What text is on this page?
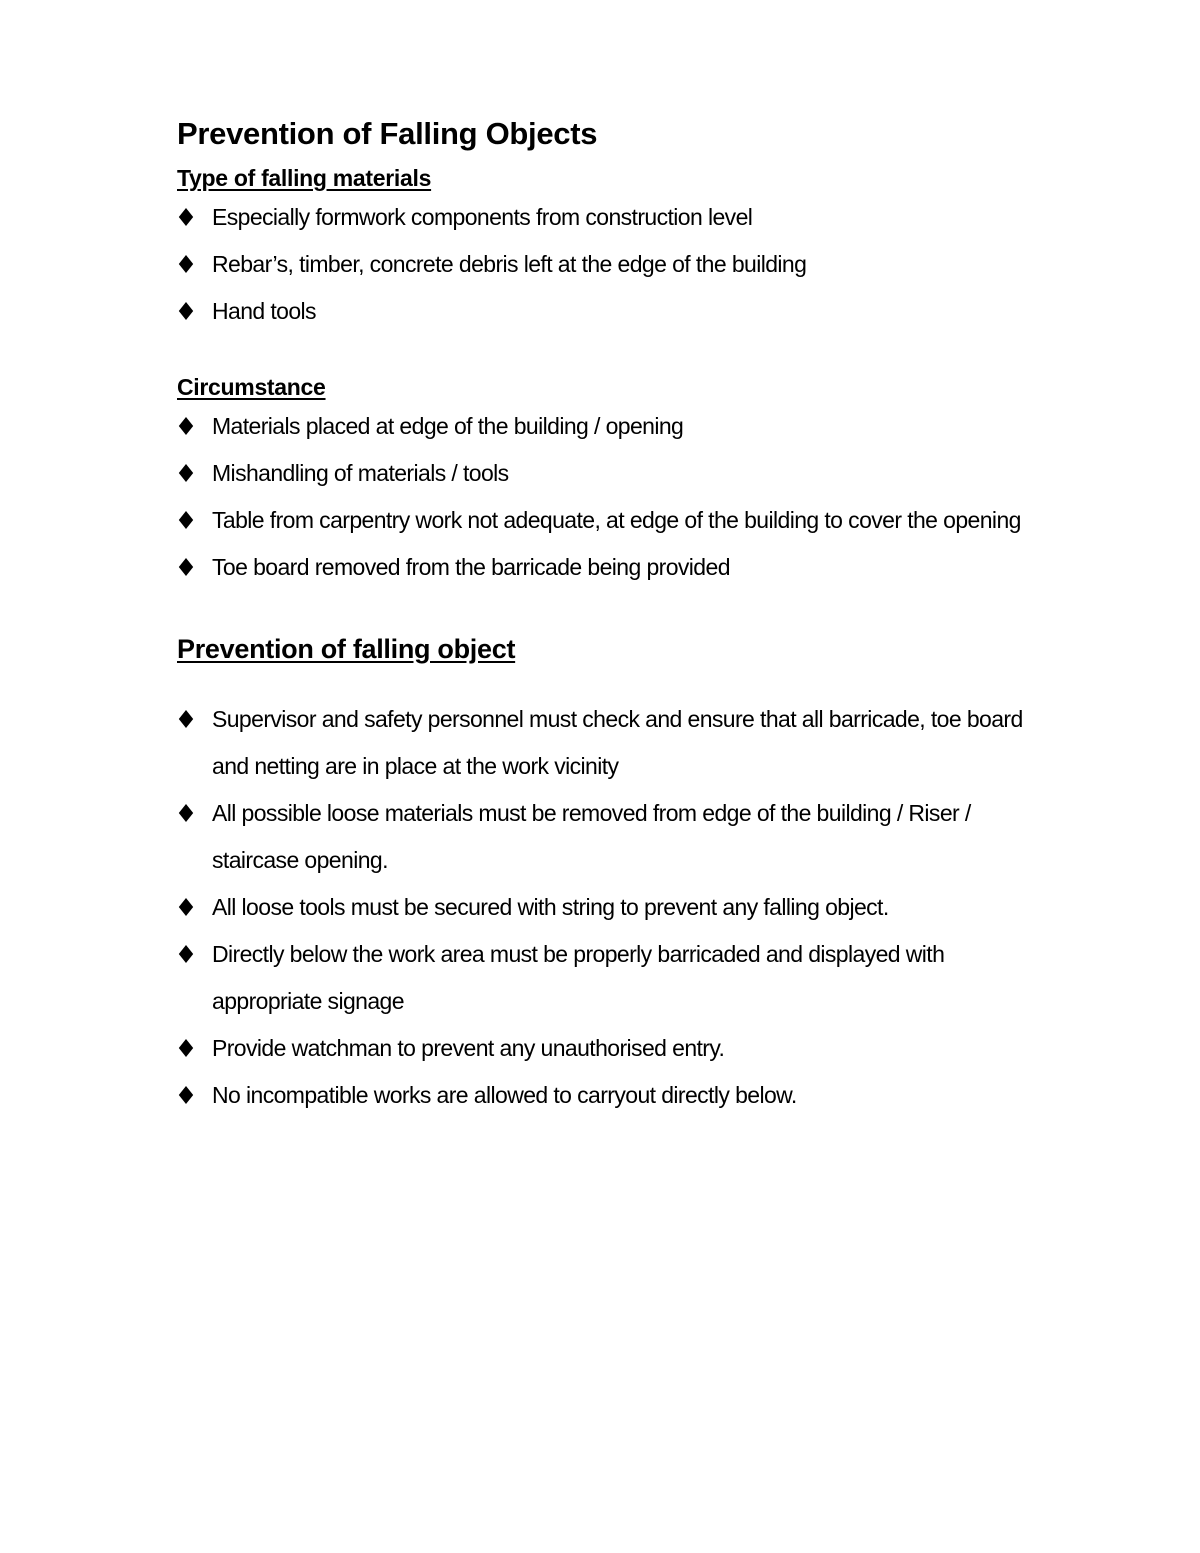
Prevention of Falling Objects
Type of falling materials
Especially formwork components from construction level
Rebar’s, timber, concrete debris left at the edge of the building
Hand tools
Circumstance
Materials placed at edge of the building / opening
Mishandling of materials / tools
Table from carpentry work not adequate, at edge of the building to cover the opening
Toe board removed from the barricade being provided
Prevention of falling object
Supervisor and safety personnel must check and ensure that all barricade, toe board and netting are in place at the work vicinity
All possible loose materials must be removed from edge of the building / Riser / staircase opening.
All loose tools must be secured with string to prevent any falling object.
Directly below the work area must be properly barricaded and displayed with appropriate signage
Provide watchman to prevent any unauthorised entry.
No incompatible works are allowed to carryout directly below.
